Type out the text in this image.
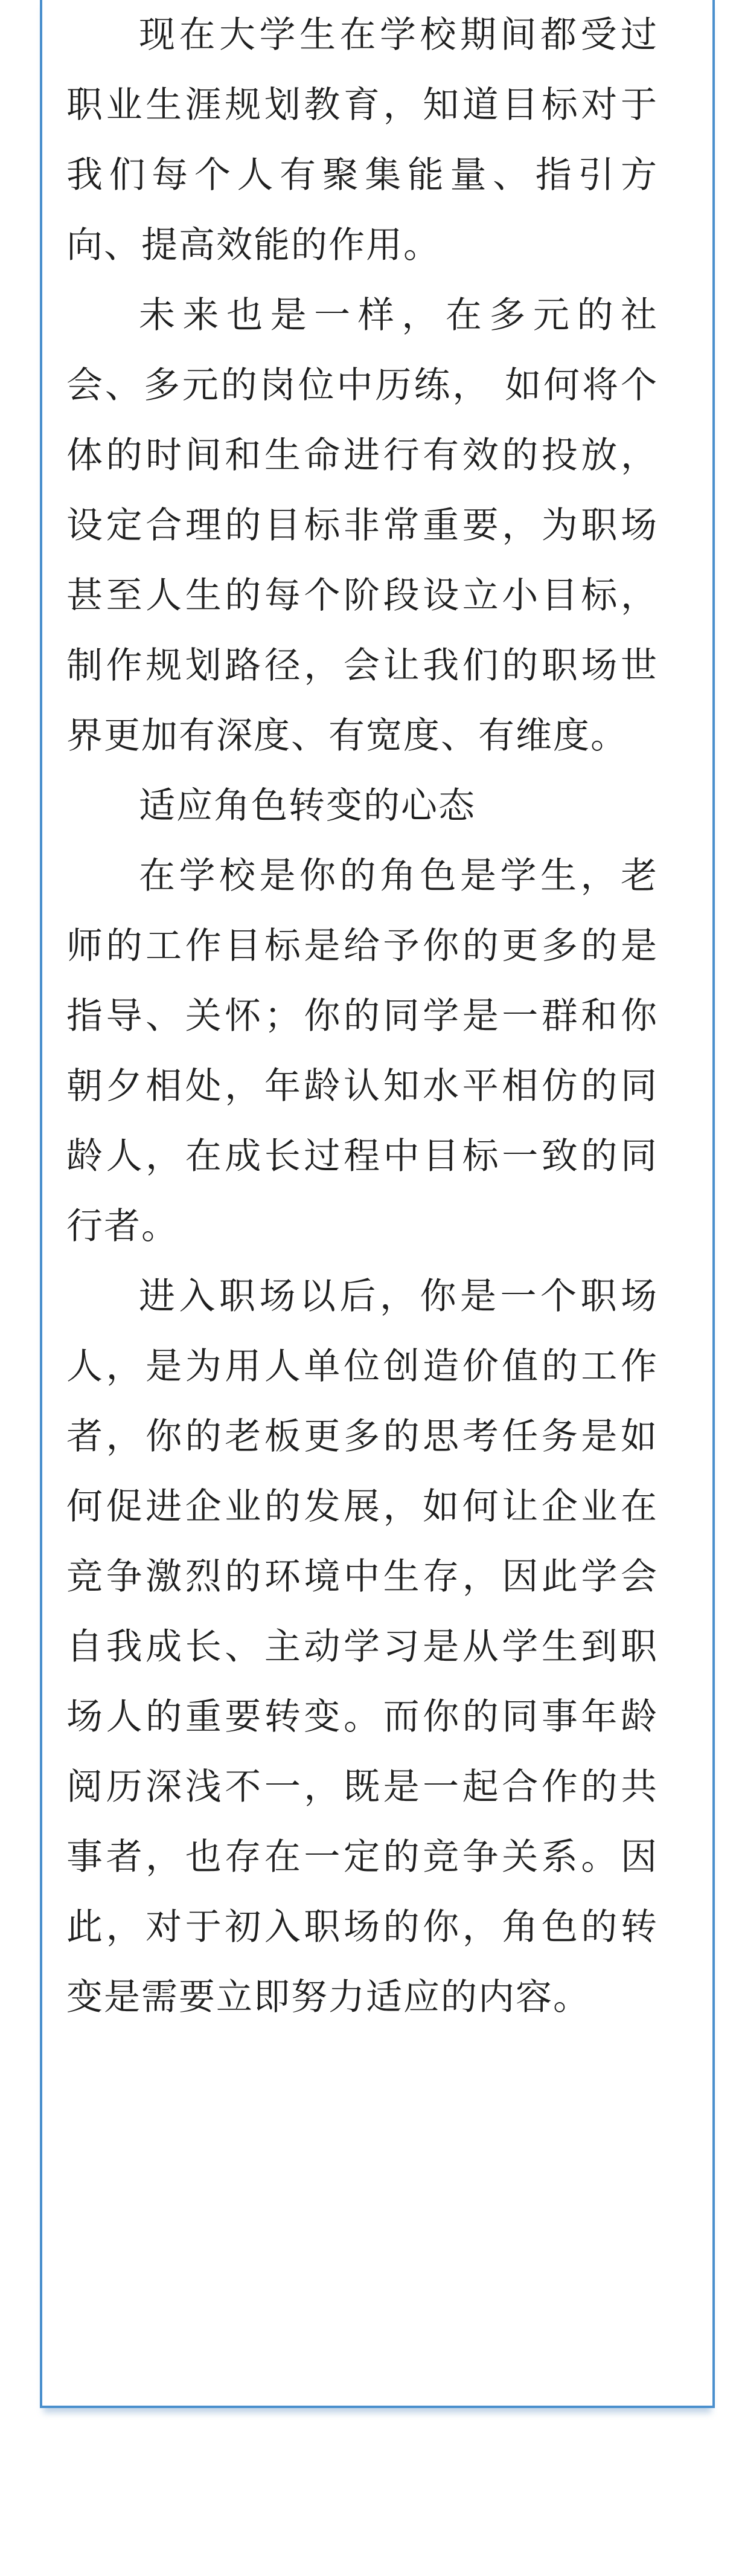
现在大学生在学校期间都受过职业生涯规划教育，知道目标对于我们每个人有聚集能量、指引方向、提高效能的作用。

未来也是一样，在多元的社会、多元的岗位中历练， 如何将个体的时间和生命进行有效的投放，设定合理的目标非常重要，为职场甚至人生的每个阶段设立小目标，制作规划路径，会让我们的职场世界更加有深度、有宽度、有维度。

适应角色转变的心态

在学校是你的角色是学生，老师的工作目标是给予你的更多的是指导、关怀；你的同学是一群和你朝夕相处，年龄认知水平相仿的同龄人，在成长过程中目标一致的同行者。

进入职场以后，你是一个职场人，是为用人单位创造价值的工作者，你的老板更多的思考任务是如何促进企业的发展，如何让企业在竞争激烈的环境中生存，因此学会自我成长、主动学习是从学生到职场人的重要转变。而你的同事年龄阅历深浅不一，既是一起合作的共事者，也存在一定的竞争关系。因此，对于初入职场的你，角色的转变是需要立即努力适应的内容。
